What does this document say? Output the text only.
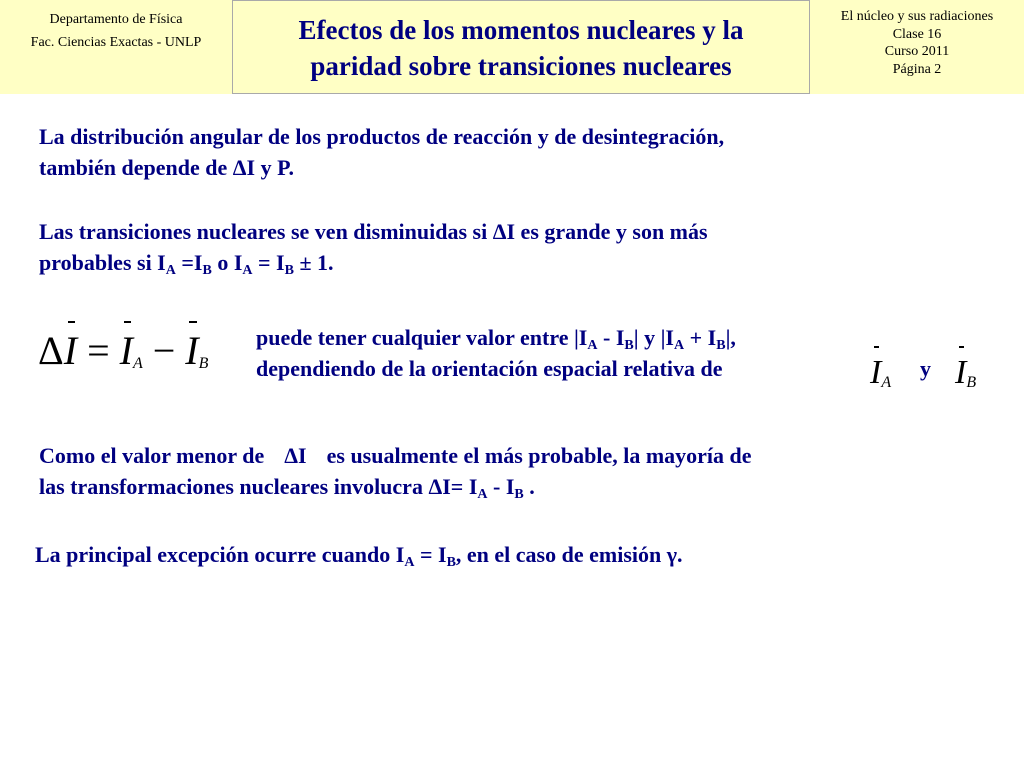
Departamento de Física
Fac. Ciencias Exactas - UNLP	Efectos de los momentos nucleares y la
paridad sobre transiciones nucleares
El núcleo y sus radiaciones
Clase 16
Curso 2011
Página 2
La distribución angular de los productos de reacción y de desintegración,
también depende de ΔI y P.
Las transiciones nucleares se ven disminuidas si ΔI es grande y son más
probables si $I_A =I_B$ o $I_A = I_B \pm 1$.
$\Delta I = I_A - I_B$
puede tener cualquier valor entre $|I_A - I_B|$ y $|I_A + I_B|$,
dependiendo de la orientación espacial relativa de	$I_A$
y $I_B$
Como el valor menor de ΔI es usualmente el más probable, la mayoría de
las transformaciones nucleares involucra $\Delta I= I_A - I_B$ .
La principal excepción ocurre cuando $I_A = I_B$, en el caso de emisión γ.
